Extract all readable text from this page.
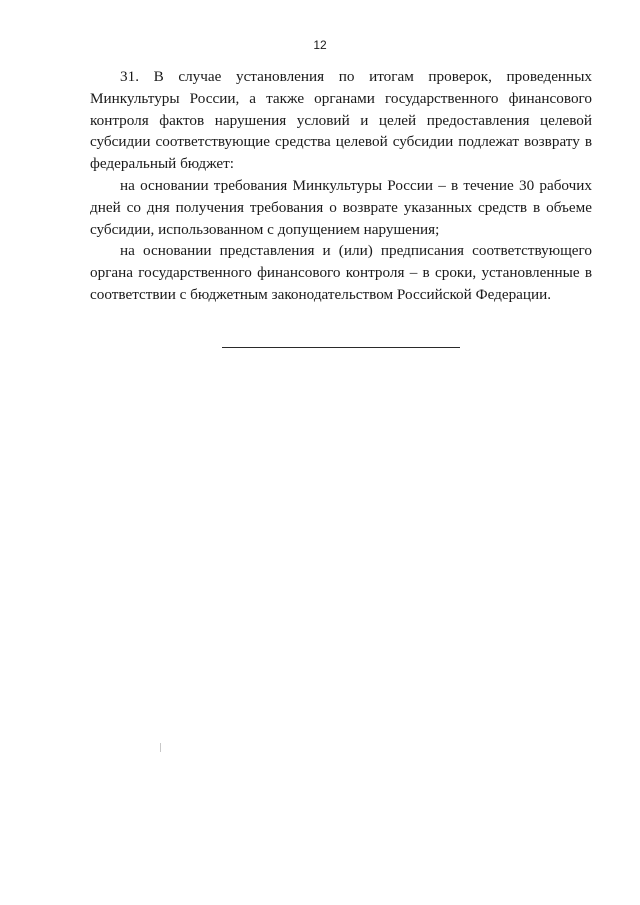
12

31. В случае установления по итогам проверок, проведенных Минкультуры России, а также органами государственного финансового контроля фактов нарушения условий и целей предоставления целевой субсидии соответствующие средства целевой субсидии подлежат возврату в федеральный бюджет:

на основании требования Минкультуры России – в течение 30 рабочих дней со дня получения требования о возврате указанных средств в объеме субсидии, использованном с допущением нарушения;

на основании представления и (или) предписания соответствующего органа государственного финансового контроля – в сроки, установленные в соответствии с бюджетным законодательством Российской Федерации.
